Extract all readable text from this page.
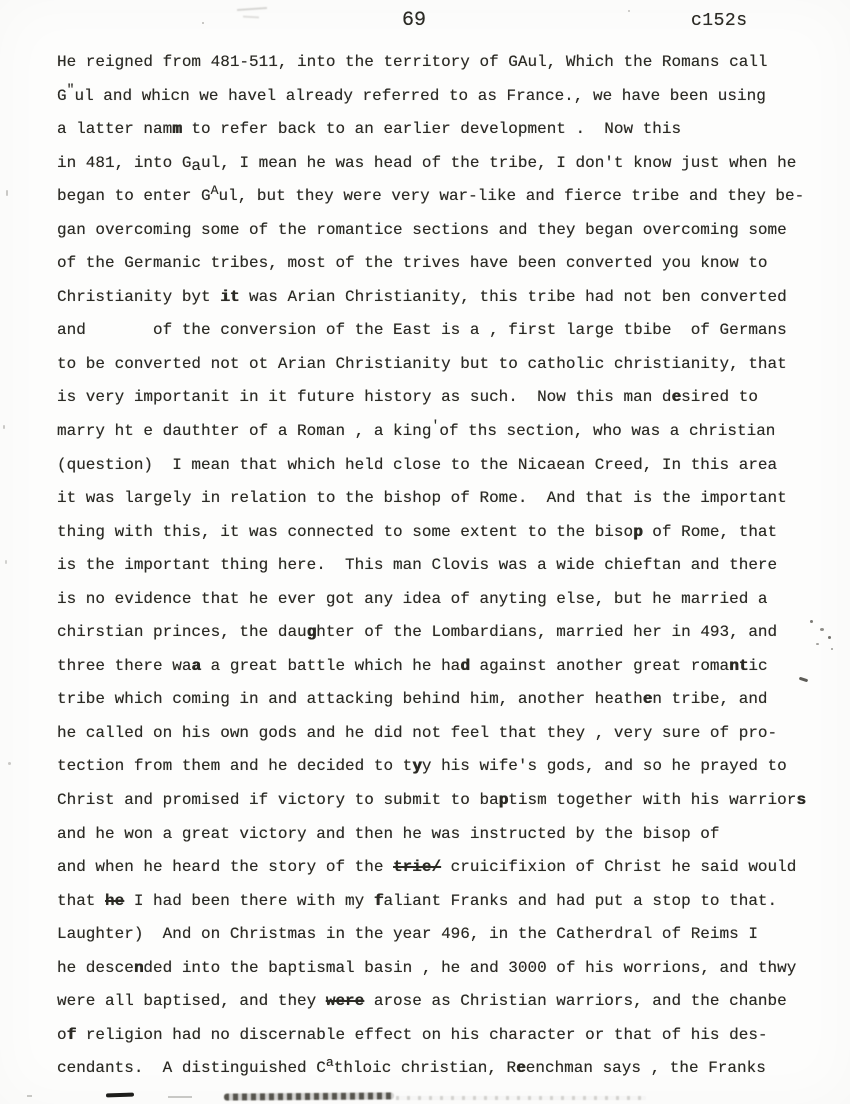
69	c152s
He reigned from 481-511, into the territory of GAul, Which the Romans call
G"ul and whicn we havel already referred to as France., we have been using
a latter namm to refer back to an earlier development .  Now this
in 481, into Gaul, I mean he was head of the tribe, I don't know just when he
began to enter $G^Aul$, but they were very war-like and fierce tribe and they be-
gan overcoming some of the romantice sections and they began overcoming some
of the Germanic tribes, most of the trives have been converted you know to
Christianity byt it was Arian Christianity, this tribe had not ben converted
and       of the conversion of the East is a , first large tbibe  of Germans
to be converted not ot Arian Christianity but to catholic christianity, that
is very importanit in it future history as such.  Now this man desired to
marry ht e dauthter of a Roman , a king'of ths section, who was a christian
(question)  I mean that which held close to the Nicaean Creed, In this area
it was largely in relation to the bishop of Rome.  And that is the important
thing with this, it was connected to some extent to the bisop of Rome, that
is the important thing here.  This man Clovis was a wide chieftan and there
is no evidence that he ever got any idea of anyting else, but he married a
chirstian princes, the daughter of the Lombardians, married her in 493, and
three there waa a great battle which he had against another great romantic
tribe which coming in and attacking behind him, another heathen tribe, and
he called on his own gods and he did not feel that they , very sure of pro-
tection from them and he decided to tyy his wife's gods, and so he prayed to
Christ and promised if victory to submit to baptism together with his warriors
and he won a great victory and then he was instructed by the bisop of
and when he heard the story of the trie/ cruicifixion of Christ he said would
that he I had been there with my faliant Franks and had put a stop to that.
Laughter)  And on Christmas in the year 496, in the Catherdral of Reims I
he descended into the baptismal basin , he and 3000 of his worrions, and thwy
were all baptised, and they were arose as Christian warriors, and the chanbe
of religion had no discernable effect on his character or that of his des-
cendants.  A distinguished $C^athloic$ christian, Reenchman says , the Franks
